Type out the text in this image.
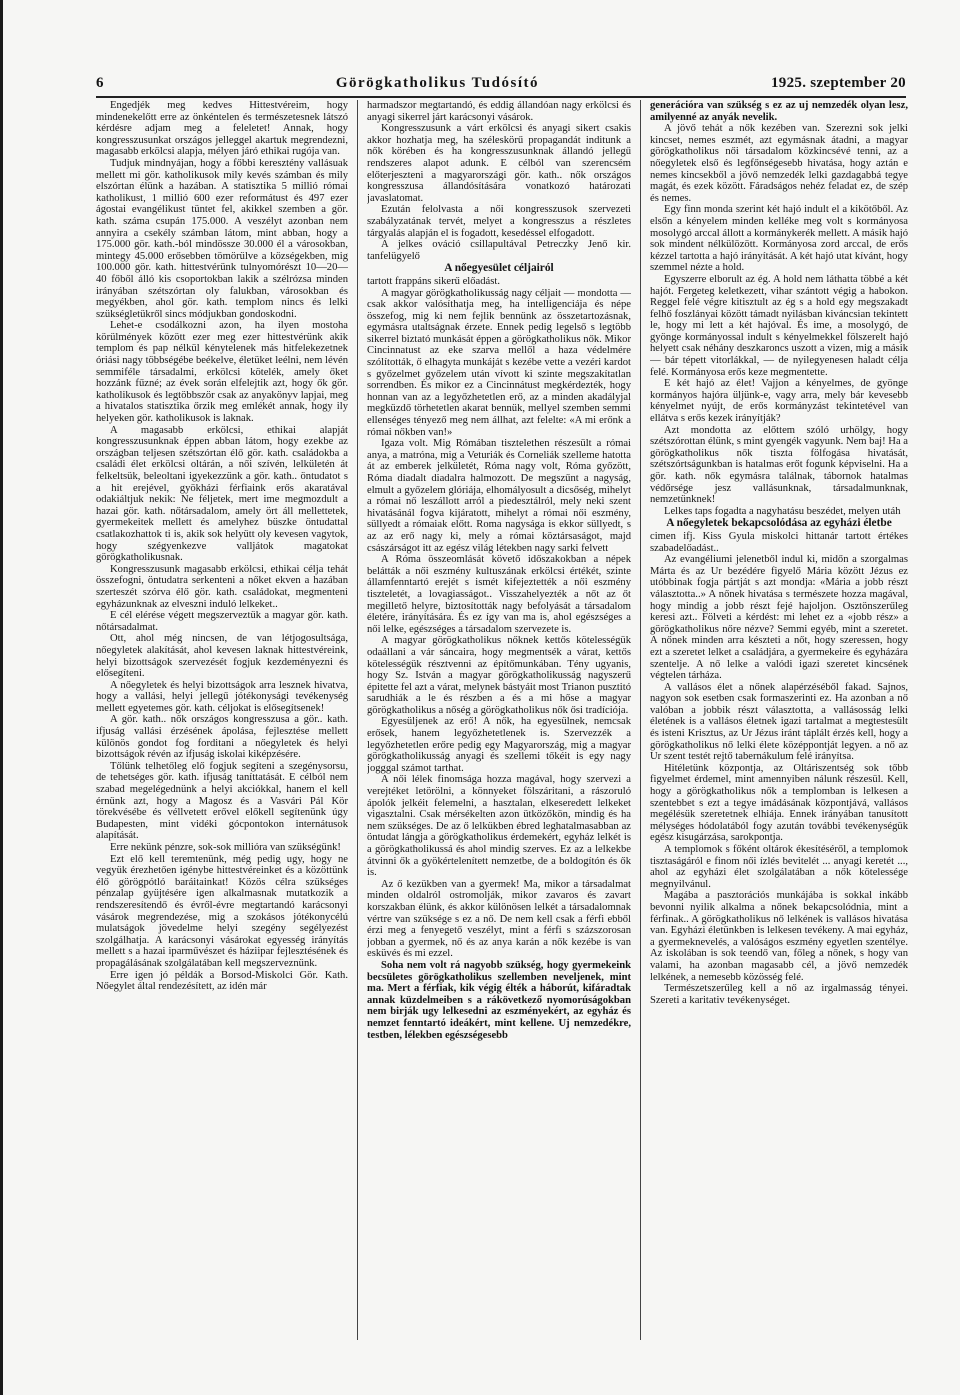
6	Görögkatholikus Tudósító	1925. szeptember 20

Engedjék meg kedves Hittestvéreim, hogy mindenekelőtt erre az önkéntelen és természetesnek látszó kérdésre adjam meg a feleletet! Annak, hogy kongresszusunkat országos jelleggel akartuk megrendezni, magasabb erkölcsi alapja, mélyen járó ethikai rugója van.

Tudjuk mindnyájan, hogy a főbbi keresztény vallásuak mellett mi gör. katholikusok mily kevés számban és mily elszórtan élünk a hazában. A statisztika 5 millió római katholikust, 1 millió 600 ezer reformátust és 497 ezer ágostai evangélikust tüntet fel, akikkel szemben a gör. kath. száma csupán 175.000. A veszélyt azonban nem annyira a csekély számban látom, mint abban, hogy a 175.000 gör. kath.-ból mindössze 30.000 él a városokban, mintegy 45.000 erősebben tömörülve a községekben, mig 100.000 gör. kath. hittestvérünk tulnyomórészt 10—20—40 főből álló kis csoportokban lakik a szélrózsa minden irányában szétszórtan oly falukban, városokban és megyékben, ahol gör. kath. templom nincs és lelki szükségletükről sincs módjukban gondoskodni.

Lehet-e csodálkozni azon, ha ilyen mostoha körülmények között ezer meg ezer hittestvérünk akik templom és pap nélkül kénytelenek más hitfelekezetnek óriási nagy többségébe beékelve, életüket leélni, nem lévén semmiféle társadalmi, erkölcsi kötelék, amely őket hozzánk fűzné; az évek során elfelejtik azt, hogy ők gör. katholikusok és legtöbbször csak az anyakönyv lapjai, meg a hivatalos statisztika őrzik meg emlékét annak, hogy ily helyeken gör. katholikusok is laknak.

A magasabb erkölcsi, ethikai alapját kongresszusunknak éppen abban látom, hogy ezekbe az országban teljesen szétszórtan élő gör. kath. családokba a családi élet erkölcsi oltárán, a női szívén, lelkületén át felkeltsük, beleoltani igyekezzünk a gör. kath.. öntudatot s a hit erejével, gyökházi férfiaink erős akaratával odakiáltjuk nekik: Ne féljetek, mert ime megmozdult a hazai gör. kath. nőtársadalom, amely ört áll mellettetek, gyermekeitek mellett és amelyhez büszke öntudattal csatlakozhattok ti is, akik sok helyütt oly kevesen vagytok, hogy szégyenkezve valljátok magatokat görögkatholikusnak.

Kongresszusunk magasabb erkölcsi, ethikai célja tehát összefogni, öntudatra serkenteni a nőket ekven a hazában szerteszét szórva élő gör. kath. családokat, megmenteni egyházunknak az elveszni induló lelkeket..

E cél elérése végett megszerveztük a magyar gör. kath. nőtársadalmat.

Ott, ahol még nincsen, de van létjogosultsága, nőegyletek alakítását, ahol kevesen laknak hittestvéreink, helyi bizottságok szervezését fogjuk kezdeményezni és elősegíteni.

A nőegyletek és helyi bizottságok arra lesznek hivatva, hogy a vallási, helyi jellegű jótékonysági tevékenység mellett egyetemes gör. kath. céljokat is elősegítsenek!

A gör. kath.. nők országos kongresszusa a gör.. kath. ifjuság vallási érzésének ápolása, fejlesztése mellett különös gondot fog forditani a nőegyletek és helyi bizottságok révén az ifjuság iskolai kiképzésére.

Tőlünk telhetőleg elő fogjuk segíteni a szegénysorsu, de tehetséges gör. kath. ifjuság taníttatását. E célból nem szabad megelégednünk a helyi akciókkal, hanem el kell érnünk azt, hogy a Magosz és a Vasvári Pál Kör törekvésébe és véllvetett erővel előkell segítenünk úgy Budapesten, mint vidéki gócpontokon internátusok alapítását.

Erre nekünk pénzre, sok-sok millióra van szükségünk!

Ezt elő kell teremtenünk, még pedig ugy, hogy ne vegyük érezhetően igénybe hittestvéreinket és a közöttünk élő görögpótló baráitainkat! Közös célra szükséges pénzalap gyüjtésére igen alkalmasnak mutatkozik a rendszeresítendő és évről-évre megtartandó karácsonyi vásárok megrendezése, mig a szokásos jótékonycélú mulatságok jövedelme helyi szegény segélyezést szolgálhatja. A karácsonyi vásárokat egyesség irányítás mellett s a hazai iparművészet és háziipar fejlesztésének és propagálásának szolgálatában kell megszerveznünk.

Erre igen jó példák a Borsod-Miskolci Gör. Kath. Nőegylet által rendezésített, az idén már

harmadszor megtartandó, és eddig állandóan nagy erkölcsi és anyagi sikerrel járt karácsonyi vásárok.

Kongresszusunk a várt erkölcsi és anyagi sikert csakis akkor hozhatja meg, ha széleskörű propagandát inditunk a nők körében és ha kongresszusunknak állandó jellegű rendszeres alapot adunk. E célból van szerencsém előterjeszteni a magyarországi gör. kath.. nők országos kongresszusa állandósítására vonatkozó határozati javaslatomat.

Ezután felolvasta a női kongresszusok szervezeti szabályzatának tervét, melyet a kongresszus a részletes tárgyalás alapján el is fogadott, kesedéssel elfogadott.

A jelkes ováció csillapultával Petreczky Jenő kir. tanfelügyelő

A nőegyesület céljairól

tartott frappáns sikerű előadást.

A magyar görögkatholikusság nagy céljait — mondotta — csak akkor valósíthatja meg, ha intelligenciája és népe összefog, mig ki nem fejlik bennünk az összetartozásnak, egymásra utaltságnak érzete. Ennek pedig legelső s legtöbb sikerrel biztató munkását éppen a görögkatholikus nők. Mikor Cincinnatust az eke szarva mellől a haza védelmére szólították, ő elhagyta munkáját s kezébe vette a vezéri kardot s győzelmet győzelem után vívott ki szinte megszakítatlan sorrendben. És mikor ez a Cincinnátust megkérdezték, hogy honnan van az a legyőzhetetlen erő, az a minden akadályjal megküzdő törhetetlen akarat bennük, mellyel szemben semmi ellenséges tényező meg nem állhat, azt felelte: «A mi erőnk a római nőkben van!»

Igaza volt. Mig Rómában tisztelethen részesült a római anya, a matróna, mig a Veturiák és Corneliák szelleme hatotta át az emberek jelkületét, Róma nagy volt, Róma győzött, Róma diadalt diadalra halmozott. De megszűnt a nagyság, elmult a győzelem glóriája, elhomályosult a dicsőség, mihelyt a római nő leszállott arról a piedesztálról, mely neki szent hivatásánál fogva kijáratott, mihelyt a római női eszmény, süllyedt a rómaiak előtt. Roma nagysága is ekkor süllyedt, s az az erő nagy ki, mely a római köztársaságot, majd császárságot itt az egész világ létekben nagy sarki felvett

A Róma összeomlását követő időszakokban a népek belátták a női eszmény kultuszának erkölcsi értékét, szinte államfenntartó erejét s ismét kifejeztették a női eszmény tiszteletét, a lovagiasságot.. Visszahelyezték a nőt az őt megillető helyre, biztosították nagy befolyását a társadalom életére, irányítására. És ez így van ma is, ahol egészséges a női lelke, egészséges a társadalom szervezete is.

A magyar görögkatholikus nőknek kettős kötelességük odaállani a vár sáncaira, hogy megmentsék a várat, kettős kötelességük résztvenni az építőmunkában. Tény ugyanis, hogy Sz. István a magyar görögkatholikusság nagyszerű épitette fel azt a várat, melynek bástyáit most Trianon pusztitó sarudhiák a le és részben a és a mi hőse a magyar görögkatholikus a nőség a görögkatholikus nők ősi tradíciója.

Egyesüljenek az erő! A nők, ha egyesülnek, nemcsak erősek, hanem legyőzhetetlenek is. Szervezzék a legyőzhetetlen erőre pedig egy Magyarország, mig a magyar görögkatholikusság anyagi és szellemi tőkéit is egy nagy jogggal számot tarthat.

A női lélek finomsága hozza magával, hogy szervezi a verejtéket letörölni, a könnyeket fölszáritani, a rászoruló ápolók jelkéit felemelni, a hasztalan, elkeseredett lelkeket vigasztalni. Csak mérsékelten azon ütközőkön, mindig és ha nem szükséges. De az ő lelkükben ébred leghatalmasabban az öntudat lángja a görögkatholikus érdemekért, egyház lelkét is a görögkatholikussá és ahol mindig szerves. Ez az a lelkekbe átvinni ők a gyökértelenített nemzetbe, de a boldogítón és ők is.

Az ő kezükben van a gyermek! Ma, mikor a társadalmat minden oldalról ostromolják, mikor zavaros és zavart korszakban élünk, és akkor különösen lelkét a társadalomnak vértre van szüksége s ez a nő. De nem kell csak a férfi ebből érzi meg a fenyegető veszélyt, mint a férfi s százszorosan jobban a gyermek, nő és az anya karán a nők kezébe is van esküvés és mi ezzel.

Soha nem volt rá nagyobb szükség, hogy gyermekeink becsületes görögkatholikus szellemben neveljenek, mint ma. Mert a férfiak, kik végig élték a háborút, kifáradtak annak küzdelmeiben s a rákövetkező nyomorúságokban nem birják ugy lelkesedni az eszményekért, az egyház és nemzet fenntartó ideákért, mint kellene. Uj nemzedékre, testben, lélekben egészségesebb

generációra van szükség s ez az uj nemzedék olyan lesz, amilyenné az anyák nevelik.

A jövő tehát a nők kezében van. Szerezni sok jelki kincset, nemes eszmét, azt egymásnak átadni, a magyar görögkatholikus női társadalom közkincsévé tenni, az a nőegyletek első és legfőnségesebb hivatása, hogy aztán e nemes kincsekből a jövő nemzedék lelki gazdagabbá tegye magát, és ezek között. Fáradságos nehéz feladat ez, de szép és nemes.

Egy finn monda szerint két hajó indult el a kikötőből. Az elsőn a kényelem minden kelléke meg volt s kormányosa mosolygó arccal állott a kormánykerék mellett. A másik hajó sok mindent nélkülözött. Kormányosa zord arccal, de erős kézzel tartotta a hajó irányítását. A két hajó utat kívánt, hogy szemmel nézte a hold.

Egyszerre elborult az ég. A hold nem láthatta többé a két hajót. Fergeteg keletkezett, vihar szántott végig a habokon. Reggel felé végre kitisztult az ég s a hold egy megszakadt felhő foszlányai között támadt nyilásban kiváncsian tekintett le, hogy mi lett a két hajóval. És ime, a mosolygó, de gyönge kormányossal indult s kényelmekkel fölszerelt hajó helyett csak néhány deszkaroncs uszott a vizen, mig a másik — bár tépett vitorlákkal, — de nyilegyenesen haladt célja felé. Kormányosa erős keze megmentette.

E két hajó az élet! Vajjon a kényelmes, de gyönge kormányos hajóra üljünk-e, vagy arra, mely bár kevesebb kényelmet nyújt, de erős kormányzást tekintetével van ellátva s erős kezek irányítják?

Azt mondotta az előttem szóló urhölgy, hogy szétszórottan élünk, s mint gyengék vagyunk. Nem baj! Ha a görögkatholikus nők tiszta fölfogása hivatását, szétszórtságunkban is hatalmas erőt fogunk képviselni. Ha a gör. kath. nők egymásra találnak, tábornok hatalmas védőrsége jesz vallásunknak, társadalmunknak, nemzetünknek!

Lelkes taps fogadta a nagyhatásu beszédet, melyen utáh

A nőegyletek bekapcsolódása az egyházi életbe

cimen ifj. Kiss Gyula miskolci hittanár tartott értékes szabadelőadást..

Az evangéliumi jelenetből indul ki, midőn a szorgalmas Márta és az Ur bezédére figyelő Mária között Jézus ez utóbbinak fogja pártját s azt mondja: «Mária a jobb részt választotta..» A nőnek hivatása s természete hozza magával, hogy mindig a jobb részt fejé hajoljon. Osztönszerűleg keresi azt.. Fölveti a kérdést: mi lehet ez a «jobb rész» a görögkatholikus nőre nézve? Semmi egyéb, mint a szeretet. A nőnek minden arra készteti a nőt, hogy szeressen, hogy ezt a szeretet lelket a családjára, a gyermekeire és egyházára szentelje. A nő lelke a valódi igazi szeretet kincsének végtelen tárháza.

A vallásos élet a nőnek alapérzéséből fakad. Sajnos, nagyon sok esetben csak formaszerinti ez. Ha azonban a nő valóban a jobbik részt választotta, a vallásosság lelki életének is a vallásos életnek igazi tartalmat a megtestesült és isteni Krisztus, az Ur Jézus iránt táplált érzés kell, hogy a görögkatholikus nő lelki élete középpontját legyen. a nő az Ur szent testét rejtő tabernákulum felé irányítsa.

Hitéletünk központja, az Oltáriszentség sok tőbb figyelmet érdemel, mint amennyiben nálunk részesül. Kell, hogy a görögkatholikus nők a templomban is lelkesen a szentebbet s ezt a tegye imádásának központjává, vallásos megélésük szeretetnek elhiája. Ennek irányában tanusított mélységes hódolatából fogy azután további tevékenységük egész kisugárzása, sarokpontja.

A templomok s főként oltárok ékesítéséről, a templomok tisztaságáról e finom női ízlés bevitelét ... anyagi keretét ..., ahol az egyházi élet szolgálatában a nők kötelessége megnyilvánul.

Magába a pasztorációs munkájába is sokkal inkább bevonni nyilik alkalma a nőnek bekapcsolódnia, mint a férfinak.. A görögkatholikus nő lelkének is vallásos hivatása van. Egyházi életünkben is lelkesen tevékeny. A mai egyház, a gyermeknevelés, a valóságos eszmény egyetlen szentélye. Az iskolában is sok teendő van, főleg a nőnek, s hogy van valami, ha azonban magasabb cél, a jövő nemzedék lelkének, a nemesebb közösség felé.

Természetszerűleg kell a nő az irgalmasság tényei. Szereti a karitativ tevékenységet.
